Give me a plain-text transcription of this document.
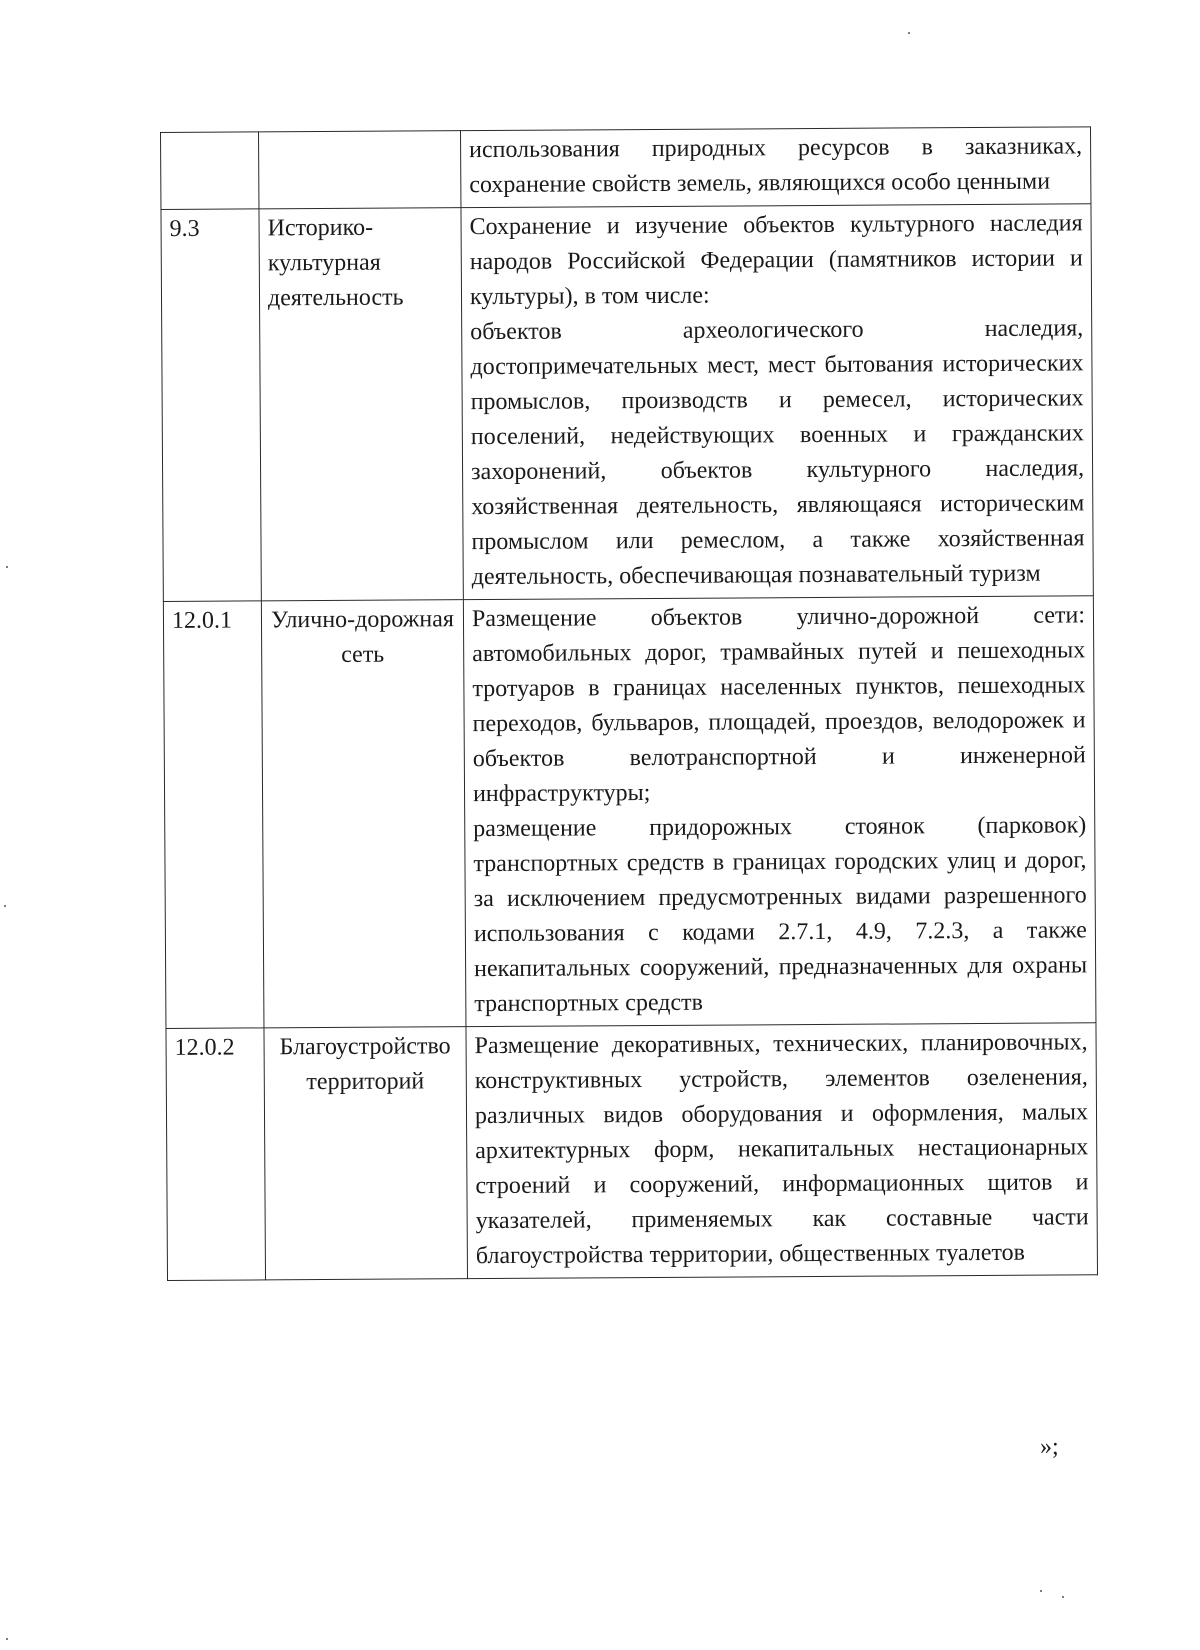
		использования природных ресурсов в заказниках, сохранение свойств земель, являющихся особо ценными

9.3	Историко-культурная деятельность	Сохранение и изучение объектов культурного наследия народов Российской Федерации (памятников истории и культуры), в том числе:

объектов археологического наследия, достопримечательных мест, мест бытования исторических промыслов, производств и ремесел, исторических поселений, недействующих военных и гражданских захоронений, объектов культурного наследия, хозяйственная деятельность, являющаяся историческим промыслом или ремеслом, а также хозяйственная деятельность, обеспечивающая познавательный туризм

12.0.1	Улично-дорожная сеть	Размещение объектов улично-дорожной сети: автомобильных дорог, трамвайных путей и пешеходных тротуаров в границах населенных пунктов, пешеходных переходов, бульваров, площадей, проездов, велодорожек и объектов велотранспортной и инженерной инфраструктуры;

размещение придорожных стоянок (парковок) транспортных средств в границах городских улиц и дорог, за исключением предусмотренных видами разрешенного использования с кодами 2.7.1, 4.9, 7.2.3, а также некапитальных сооружений, предназначенных для охраны транспортных средств

12.0.2	Благоустройство территорий	Размещение декоративных, технических, планировочных, конструктивных устройств, элементов озеленения, различных видов оборудования и оформления, малых архитектурных форм, некапитальных нестационарных строений и сооружений, информационных щитов и указателей, применяемых как составные части благоустройства территории, общественных туалетов

»;
